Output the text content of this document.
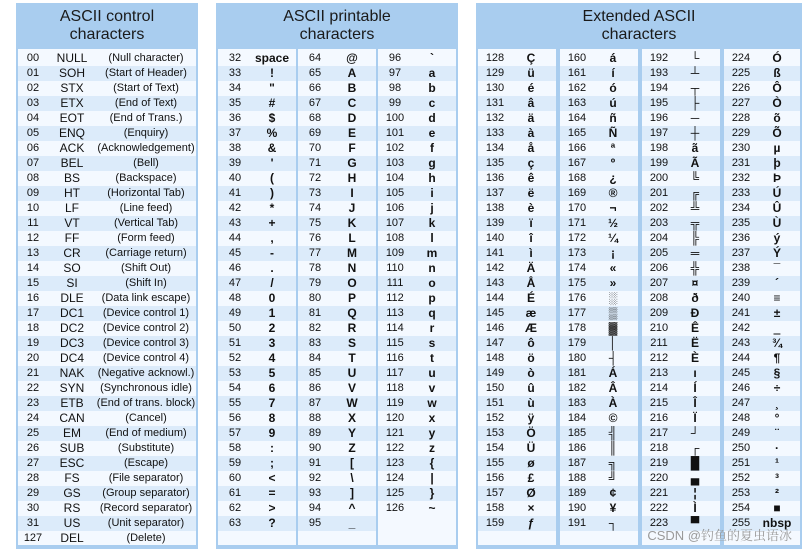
ASCII control
characters
00	NULL	(Null character)
01	SOH	(Start of Header)
02	STX	(Start of Text)
03	ETX	(End of Text)
04	EOT	(End of Trans.)
05	ENQ	(Enquiry)
06	ACK	(Acknowledgement)
07	BEL	(Bell)
08	BS	(Backspace)
09	HT	(Horizontal Tab)
10	LF	(Line feed)
11	VT	(Vertical Tab)
12	FF	(Form feed)
13	CR	(Carriage return)
14	SO	(Shift Out)
15	SI	(Shift In)
16	DLE	(Data link escape)
17	DC1	(Device control 1)
18	DC2	(Device control 2)
19	DC3	(Device control 3)
20	DC4	(Device control 4)
21	NAK	(Negative acknowl.)
22	SYN	(Synchronous idle)
23	ETB	(End of trans. block)
24	CAN	(Cancel)
25	EM	(End of medium)
26	SUB	(Substitute)
27	ESC	(Escape)
28	FS	(File separator)
29	GS	(Group separator)
30	RS	(Record separator)
31	US	(Unit separator)
127	DEL	(Delete)
ASCII printable
characters
32	space
33	!
34	"
35	#
36	$
37	%
38	&
39	'
40	(
41	)
42	*
43	+
44	,
45	-
46	.
47	/
48	0
49	1
50	2
51	3
52	4
53	5
54	6
55	7
56	8
57	9
58	:
59	;
60	<
61	=
62	>
63	?
64	@
65	A
66	B
67	C
68	D
69	E
70	F
71	G
72	H
73	I
74	J
75	K
76	L
77	M
78	N
79	O
80	P
81	Q
82	R
83	S
84	T
85	U
86	V
87	W
88	X
89	Y
90	Z
91	[
92	\
93	]
94	^
95	_
96	`
97	a
98	b
99	c
100	d
101	e
102	f
103	g
104	h
105	i
106	j
107	k
108	l
109	m
110	n
111	o
112	p
113	q
114	r
115	s
116	t
117	u
118	v
119	w
120	x
121	y
122	z
123	{
124	|
125	}
126	~
Extended ASCII
characters
128	Ç
129	ü
130	é
131	â
132	ä
133	à
134	å
135	ç
136	ê
137	ë
138	è
139	ï
140	î
141	ì
142	Ä
143	Å
144	É
145	æ
146	Æ
147	ô
148	ö
149	ò
150	û
151	ù
152	ÿ
153	Ö
154	Ü
155	ø
156	£
157	Ø
158	×
159	ƒ
160	á
161	í
162	ó
163	ú
164	ñ
165	Ñ
166	ª
167	º
168	¿
169	®
170	¬
171	½
172	¼
173	¡
174	«
175	»
176	░
177	▒
178	▓
179	│
180	┤
181	Á
182	Â
183	À
184	©
185	╣
186	║
187	╗
188	╝
189	¢
190	¥
191	┐
192	└
193	┴
194	┬
195	├
196	─
197	┼
198	ã
199	Ã
200	╚
201	╔
202	╩
203	╦
204	╠
205	═
206	╬
207	¤
208	ð
209	Ð
210	Ê
211	Ë
212	È
213	ı
214	Í
215	Î
216	Ï
217	┘
218	┌
219	█
220	▄
221	¦
222	Ì
223	▀
224	Ó
225	ß
226	Ô
227	Ò
228	õ
229	Õ
230	µ
231	þ
232	Þ
233	Ú
234	Û
235	Ù
236	ý
237	Ý
238	¯
239	´
240	≡
241	±
242	‗
243	¾
244	¶
245	§
246	÷
247	¸
248	°
249	¨
250	·
251	¹
252	³
253	²
254	■
255	nbsp
CSDN @钓鱼的夏虫语冰
